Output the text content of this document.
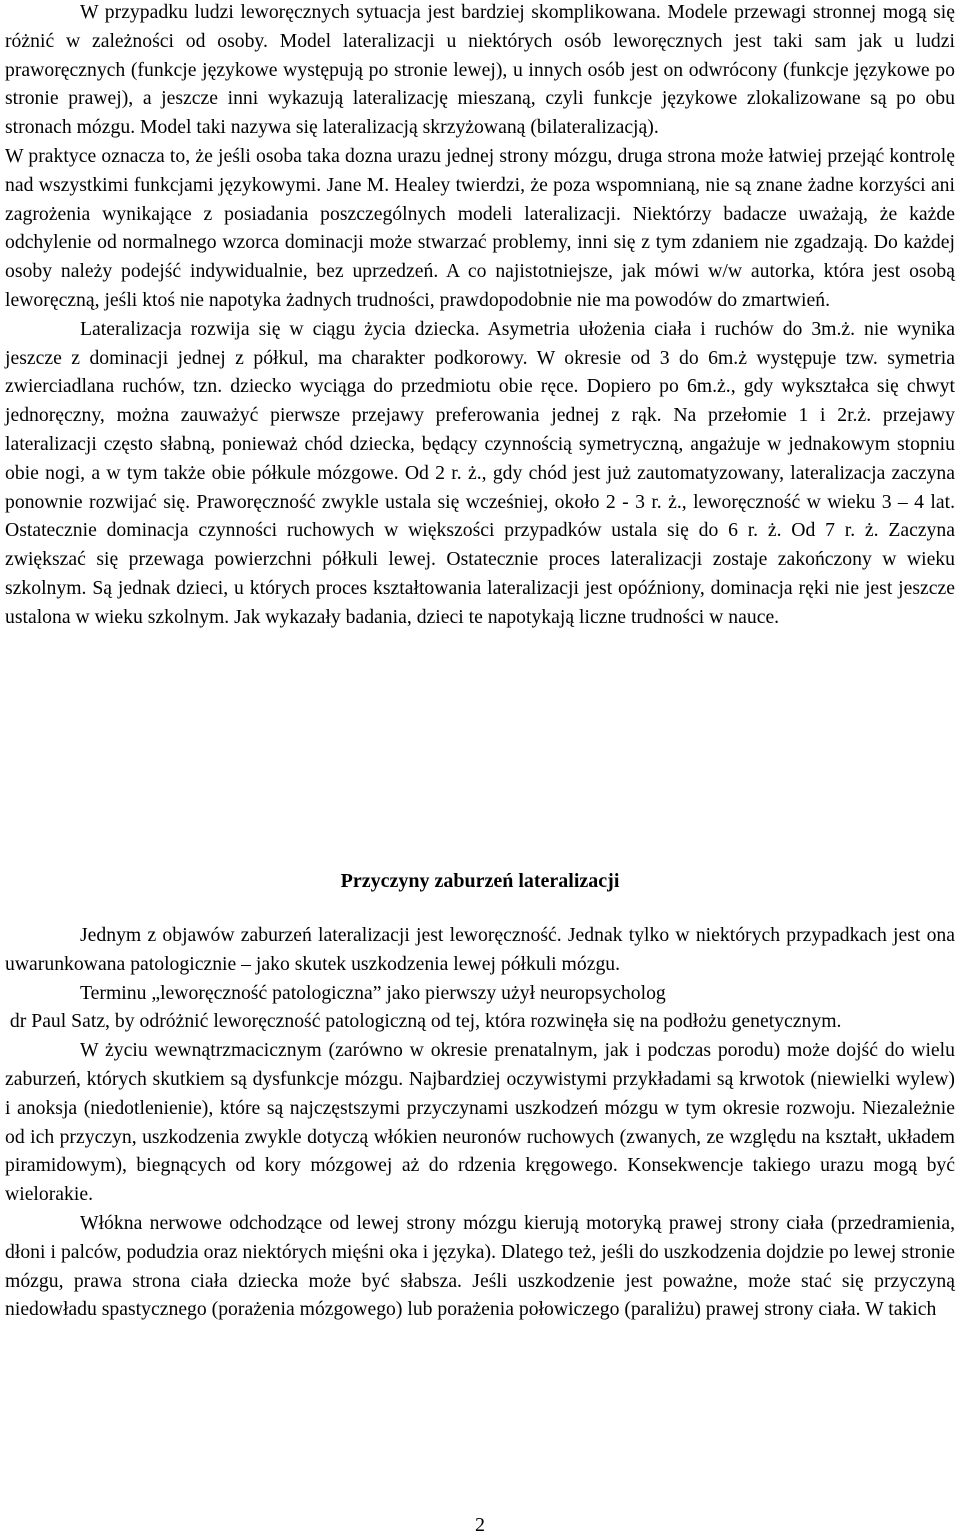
W przypadku ludzi leworęcznych sytuacja jest bardziej skomplikowana. Modele przewagi stronnej mogą się różnić w zależności od osoby. Model lateralizacji u niektórych osób leworęcznych jest taki sam jak u ludzi praworęcznych (funkcje językowe występują po stronie lewej), u innych osób jest on odwrócony (funkcje językowe po stronie prawej), a jeszcze inni wykazują lateralizację mieszaną, czyli funkcje językowe zlokalizowane są po obu stronach mózgu. Model taki nazywa się lateralizacją skrzyżowaną (bilateralizacją).

W praktyce oznacza to, że jeśli osoba taka dozna urazu jednej strony mózgu, druga strona może łatwiej przejąć kontrolę nad wszystkimi funkcjami językowymi. Jane M. Healey twierdzi, że poza wspomnianą, nie są znane żadne korzyści ani zagrożenia wynikające z posiadania poszczególnych modeli lateralizacji. Niektórzy badacze uważają, że każde odchylenie od normalnego wzorca dominacji może stwarzać problemy, inni się z tym zdaniem nie zgadzają. Do każdej osoby należy podejść indywidualnie, bez uprzedzeń. A co najistotniejsze, jak mówi w/w autorka, która jest osobą leworęczną, jeśli ktoś nie napotyka żadnych trudności, prawdopodobnie nie ma powodów do zmartwień.

Lateralizacja rozwija się w ciągu życia dziecka. Asymetria ułożenia ciała i ruchów do 3m.ż. nie wynika jeszcze z dominacji jednej z półkul, ma charakter podkorowy. W okresie od 3 do 6m.ż występuje tzw. symetria zwierciadlana ruchów, tzn. dziecko wyciąga do przedmiotu obie ręce. Dopiero po 6m.ż., gdy wykształca się chwyt jednoręczny, można zauważyć pierwsze przejawy preferowania jednej z rąk. Na przełomie 1 i 2r.ż. przejawy lateralizacji często słabną, ponieważ chód dziecka, będący czynnością symetryczną, angażuje w jednakowym stopniu obie nogi, a w tym także obie półkule mózgowe. Od 2 r. ż., gdy chód jest już zautomatyzowany, lateralizacja zaczyna ponownie rozwijać się. Praworęczność zwykle ustala się wcześniej, około 2 - 3 r. ż., leworęczność w wieku 3 – 4 lat. Ostatecznie dominacja czynności ruchowych w większości przypadków ustala się do 6 r. ż. Od 7 r. ż. Zaczyna zwiększać się przewaga powierzchni półkuli lewej. Ostatecznie proces lateralizacji zostaje zakończony w wieku szkolnym. Są jednak dzieci, u których proces kształtowania lateralizacji jest opóźniony, dominacja ręki nie jest jeszcze ustalona w wieku szkolnym. Jak wykazały badania, dzieci te napotykają liczne trudności w nauce.

Przyczyny zaburzeń lateralizacji

Jednym z objawów zaburzeń lateralizacji jest leworęczność. Jednak tylko w niektórych przypadkach jest ona uwarunkowana patologicznie – jako skutek uszkodzenia lewej półkuli mózgu.

Terminu „leworęczność patologiczna” jako pierwszy użył neuropsycholog

dr Paul Satz, by odróżnić leworęczność patologiczną od tej, która rozwinęła się na podłożu genetycznym.

W życiu wewnątrzmacicznym (zarówno w okresie prenatalnym, jak i podczas porodu) może dojść do wielu zaburzeń, których skutkiem są dysfunkcje mózgu. Najbardziej oczywistymi przykładami są krwotok (niewielki wylew) i anoksja (niedotlenienie), które są najczęstszymi przyczynami uszkodzeń mózgu w tym okresie rozwoju. Niezależnie od ich przyczyn, uszkodzenia zwykle dotyczą włókien neuronów ruchowych (zwanych, ze względu na kształt, układem piramidowym), biegnących od kory mózgowej aż do rdzenia kręgowego. Konsekwencje takiego urazu mogą być wielorakie.

Włókna nerwowe odchodzące od lewej strony mózgu kierują motoryką prawej strony ciała (przedramienia, dłoni i palców, podudzia oraz niektórych mięśni oka i języka). Dlatego też, jeśli do uszkodzenia dojdzie po lewej stronie mózgu, prawa strona ciała dziecka może być słabsza. Jeśli uszkodzenie jest poważne, może stać się przyczyną niedowładu spastycznego (porażenia mózgowego) lub porażenia połowiczego (paraliżu) prawej strony ciała. W takich

2
